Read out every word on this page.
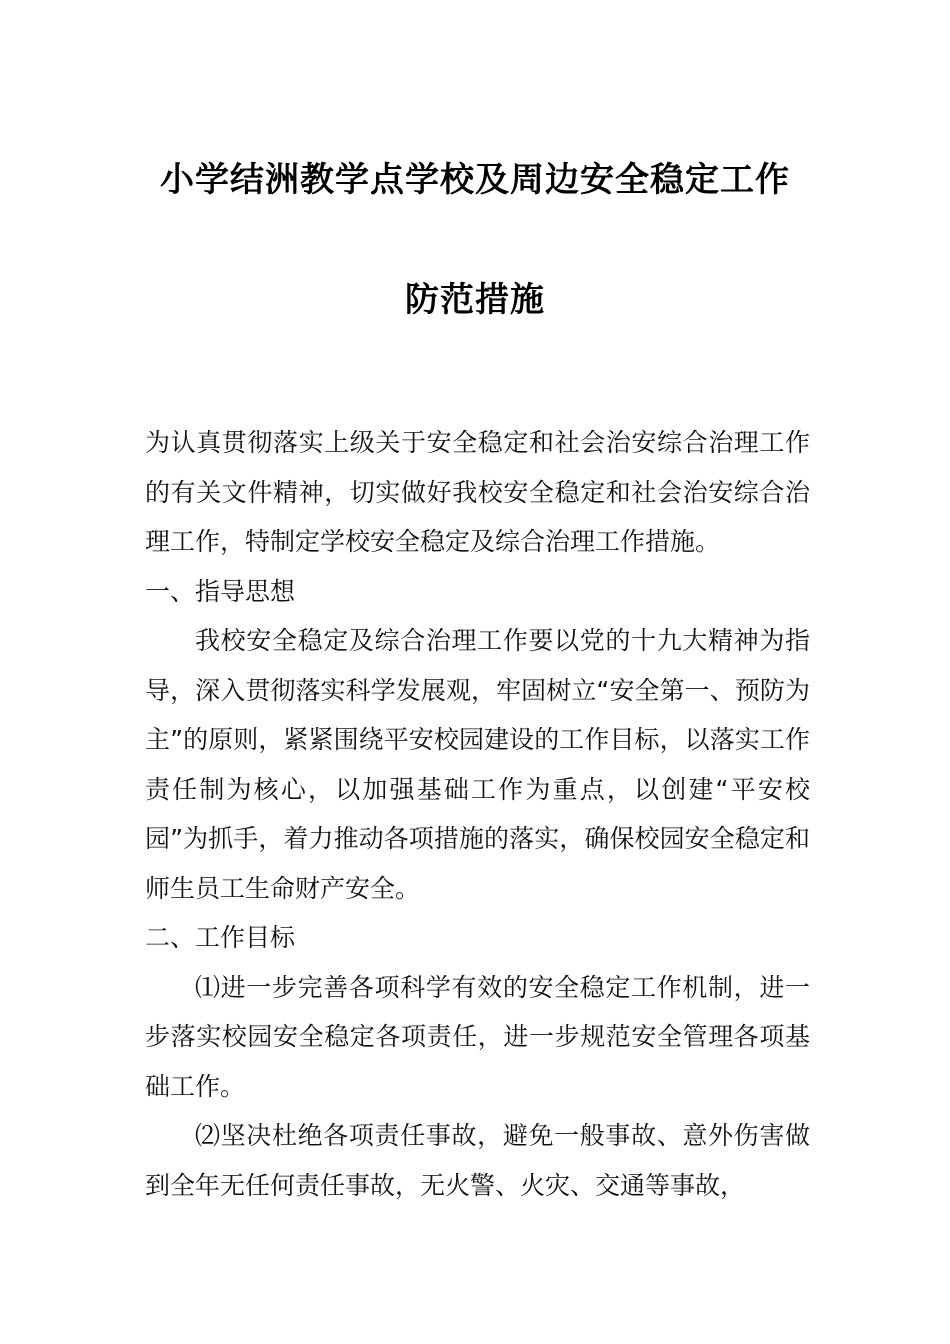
小学结洲教学点学校及周边安全稳定工作
防范措施

为认真贯彻落实上级关于安全稳定和社会治安综合治理工作的有关文件精神，切实做好我校安全稳定和社会治安综合治理工作，特制定学校安全稳定及综合治理工作措施。

一、指导思想

我校安全稳定及综合治理工作要以党的十九大精神为指导，深入贯彻落实科学发展观，牢固树立“安全第一、预防为主”的原则，紧紧围绕平安校园建设的工作目标，以落实工作责任制为核心，以加强基础工作为重点，以创建“平安校园”为抓手，着力推动各项措施的落实，确保校园安全稳定和师生员工生命财产安全。

二、工作目标

⑴进一步完善各项科学有效的安全稳定工作机制，进一步落实校园安全稳定各项责任，进一步规范安全管理各项基础工作。

⑵坚决杜绝各项责任事故，避免一般事故、意外伤害做到全年无任何责任事故，无火警、火灾、交通等事故，
